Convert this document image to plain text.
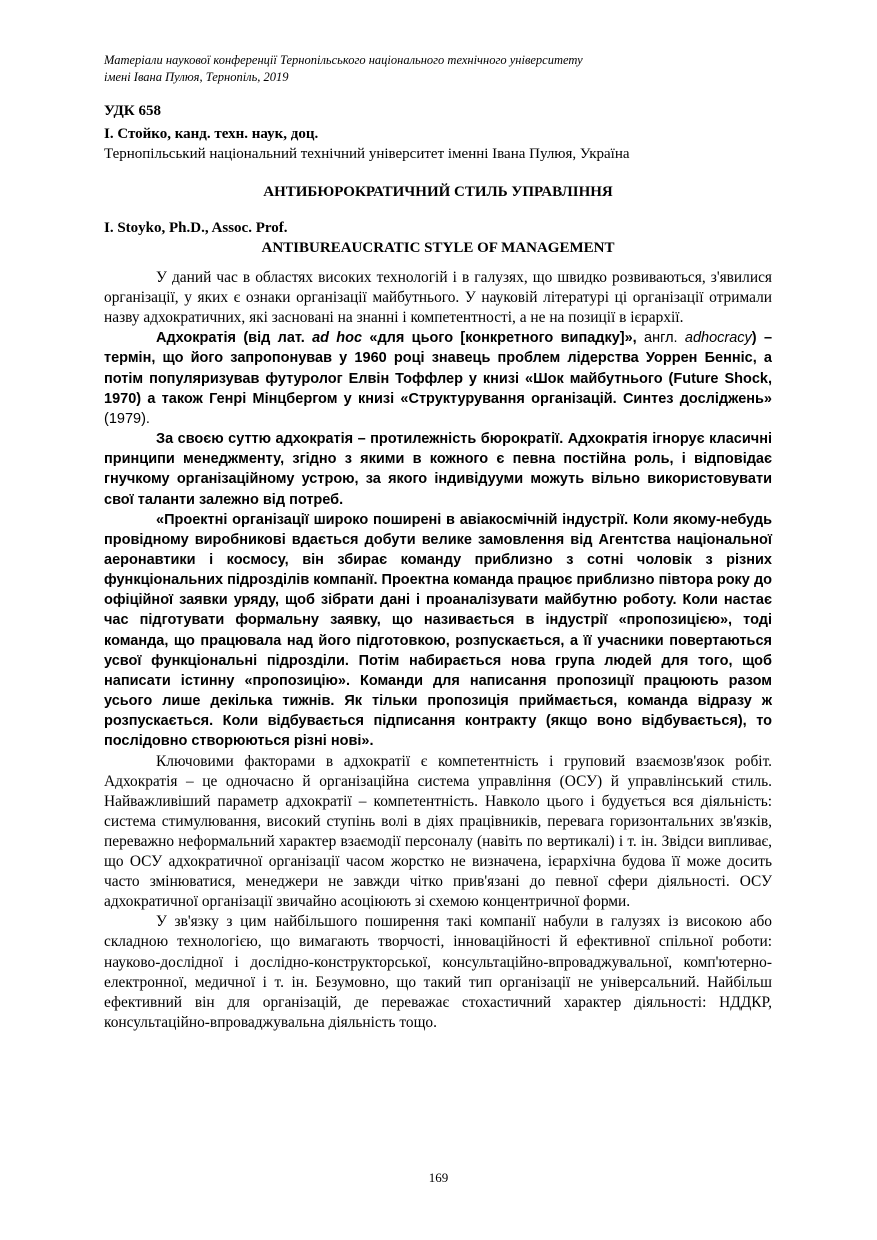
Матеріали наукової конференції Тернопільського національного технічного університету
імені Івана Пулюя, Тернопіль, 2019
УДК 658
І. Стойко, канд. техн. наук, доц.
Тернопільський національний технічний університет іменні Івана Пулюя, Україна
АНТИБЮРОКРАТИЧНИЙ СТИЛЬ УПРАВЛІННЯ
I. Stoyko, Ph.D., Assoc. Prof.
ANTIBUREAUCRATIC STYLE OF MANAGEMENT

У даний час в областях високих технологій і в галузях, що швидко розвиваються, з'явилися організації, у яких є ознаки організації майбутнього. У науковій літературі ці організації отримали назву адхократичних, які засновані на знанні і компетентності, а не на позиції в ієрархії.

Адхократія (від лат. ad hoc «для цього [конкретного випадку]», англ. adhocracy) – термін, що його запропонував у 1960 році знавець проблем лідерства Уоррен Бенніс, а потім популяризував футуролог Елвін Тоффлер у книзі «Шок майбутнього (Future Shock, 1970) а також Генрі Мінцбергом у книзі «Структурування організацій. Синтез досліджень» (1979).

За своєю суттю адхократія – протилежність бюрократії. Адхократія ігнорує класичні принципи менеджменту, згідно з якими в кожного є певна постійна роль, і відповідає гнучкому організаційному устрою, за якого індивідууми можуть вільно використовувати свої таланти залежно від потреб.

«Проектні організації широко поширені в авіакосмічній індустрії. Коли якому-небудь провідному виробникові вдається добути велике замовлення від Агентства національної аеронавтики і космосу, він збирає команду приблизно з сотні чоловік з різних функціональних підрозділів компанії. Проектна команда працює приблизно півтора року до офіційної заявки уряду, щоб зібрати дані і проаналізувати майбутню роботу. Коли настає час підготувати формальну заявку, що називається в індустрії «пропозицією», тоді команда, що працювала над його підготовкою, розпускається, а її учасники повертаються усвої функціональні підрозділи. Потім набирається нова група людей для того, щоб написати істинну «пропозицію». Команди для написання пропозиції працюють разом усього лише декілька тижнів. Як тільки пропозиція приймається, команда відразу ж розпускається. Коли відбувається підписання контракту (якщо воно відбувається), то послідовно створюються різні нові».

Ключовими факторами в адхократії є компетентність і груповий взаємозв'язок робіт. Адхократія – це одночасно й організаційна система управління (ОСУ) й управлінський стиль. Найважливіший параметр адхократії – компетентність. Навколо цього і будується вся діяльність: система стимулювання, високий ступінь волі в діях працівників, перевага горизонтальних зв'язків, переважно неформальний характер взаємодії персоналу (навіть по вертикалі) і т. ін. Звідси випливає, що ОСУ адхократичної організації часом жорстко не визначена, ієрархічна будова її може досить часто змінюватися, менеджери не завжди чітко прив'язані до певної сфери діяльності. ОСУ адхократичної організації звичайно асоціюють зі схемою концентричної форми.

У зв'язку з цим найбільшого поширення такі компанії набули в галузях із високою або складною технологією, що вимагають творчості, інноваційності й ефективної спільної роботи: науково-дослідної і дослідно-конструкторської, консультаційно-впроваджувальної, комп'ютерно-електронної, медичної і т. ін. Безумовно, що такий тип організації не універсальний. Найбільш ефективний він для організацій, де переважає стохастичний характер діяльності: НДДКР, консультаційно-впроваджувальна діяльність тощо.

169
